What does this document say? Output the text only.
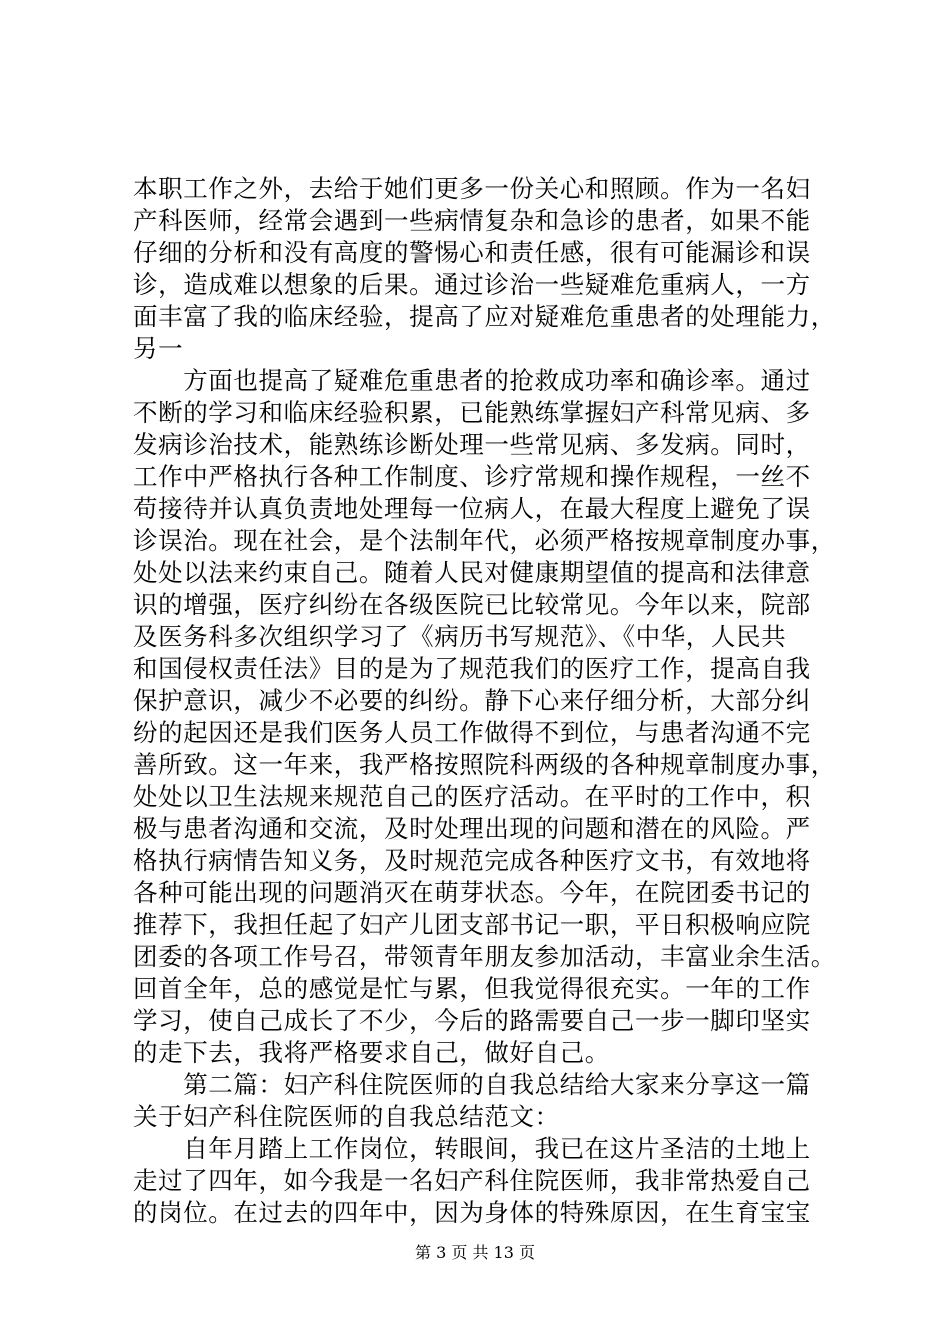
本职工作之外，去给于她们更多一份关心和照顾。作为一名妇
产科医师，经常会遇到一些病情复杂和急诊的患者，如果不能
仔细的分析和没有高度的警惕心和责任感，很有可能漏诊和误
诊，造成难以想象的后果。通过诊治一些疑难危重病人，一方
面丰富了我的临床经验，提高了应对疑难危重患者的处理能力，
另一
　　方面也提高了疑难危重患者的抢救成功率和确诊率。通过
不断的学习和临床经验积累，已能熟练掌握妇产科常见病、多
发病诊治技术，能熟练诊断处理一些常见病、多发病。同时，
工作中严格执行各种工作制度、诊疗常规和操作规程，一丝不
苟接待并认真负责地处理每一位病人，在最大程度上避免了误
诊误治。现在社会，是个法制年代，必须严格按规章制度办事，
处处以法来约束自己。随着人民对健康期望值的提高和法律意
识的增强，医疗纠纷在各级医院已比较常见。今年以来，院部
及医务科多次组织学习了《病历书写规范》、《中华，人民共
和国侵权责任法》目的是为了规范我们的医疗工作，提高自我
保护意识，减少不必要的纠纷。静下心来仔细分析，大部分纠
纷的起因还是我们医务人员工作做得不到位，与患者沟通不完
善所致。这一年来，我严格按照院科两级的各种规章制度办事，
处处以卫生法规来规范自己的医疗活动。在平时的工作中，积
极与患者沟通和交流，及时处理出现的问题和潜在的风险。严
格执行病情告知义务，及时规范完成各种医疗文书，有效地将
各种可能出现的问题消灭在萌芽状态。今年，在院团委书记的
推荐下，我担任起了妇产儿团支部书记一职，平日积极响应院
团委的各项工作号召，带领青年朋友参加活动，丰富业余生活。
回首全年，总的感觉是忙与累，但我觉得很充实。一年的工作
学习，使自己成长了不少，今后的路需要自己一步一脚印坚实
的走下去，我将严格要求自己，做好自己。
　　第二篇：妇产科住院医师的自我总结给大家来分享这一篇
关于妇产科住院医师的自我总结范文：
　　自年月踏上工作岗位，转眼间，我已在这片圣洁的土地上
走过了四年，如今我是一名妇产科住院医师，我非常热爱自己
的岗位。在过去的四年中，因为身体的特殊原因，在生育宝宝
第 3 页 共 13 页
